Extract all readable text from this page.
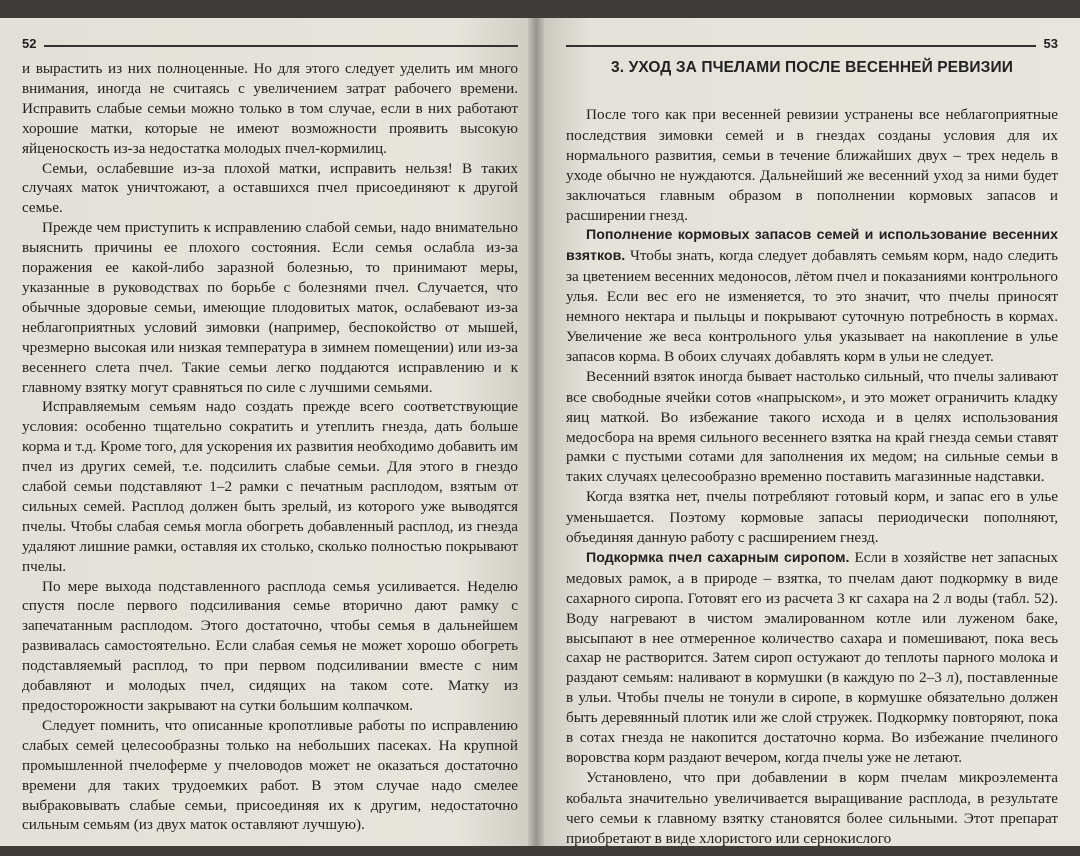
52

и вырастить из них полноценные. Но для этого следует уделить им много внимания, иногда не считаясь с увеличением затрат рабочего времени. Исправить слабые семьи можно только в том случае, если в них работают хорошие матки, которые не имеют возможности проявить высокую яйценоскость из-за недостатка молодых пчел-кормилиц.

Семьи, ослабевшие из-за плохой матки, исправить нельзя! В таких случаях маток уничтожают, а оставшихся пчел присоединяют к другой семье.

Прежде чем приступить к исправлению слабой семьи, надо внимательно выяснить причины ее плохого состояния. Если семья ослабла из-за поражения ее какой-либо заразной болезнью, то принимают меры, указанные в руководствах по борьбе с болезнями пчел. Случается, что обычные здоровые семьи, имеющие плодовитых маток, ослабевают из-за неблагоприятных условий зимовки (например, беспокойство от мышей, чрезмерно высокая или низкая температура в зимнем помещении) или из-за весеннего слета пчел. Такие семьи легко поддаются исправлению и к главному взятку могут сравняться по силе с лучшими семьями.

Исправляемым семьям надо создать прежде всего соответствующие условия: особенно тщательно сократить и утеплить гнезда, дать больше корма и т.д. Кроме того, для ускорения их развития необходимо добавить им пчел из других семей, т.е. подсилить слабые семьи. Для этого в гнездо слабой семьи подставляют 1–2 рамки с печатным расплодом, взятым от сильных семей. Расплод должен быть зрелый, из которого уже выводятся пчелы. Чтобы слабая семья могла обогреть добавленный расплод, из гнезда удаляют лишние рамки, оставляя их столько, сколько полностью покрывают пчелы.

По мере выхода подставленного расплода семья усиливается. Неделю спустя после первого подсиливания семье вторично дают рамку с запечатанным расплодом. Этого достаточно, чтобы семья в дальнейшем развивалась самостоятельно. Если слабая семья не может хорошо обогреть подставляемый расплод, то при первом подсиливании вместе с ним добавляют и молодых пчел, сидящих на таком соте. Матку из предосторожности закрывают на сутки большим колпачком.

Следует помнить, что описанные кропотливые работы по исправлению слабых семей целесообразны только на небольших пасеках. На крупной промышленной пчелоферме у пчеловодов может не оказаться достаточно времени для таких трудоемких работ. В этом случае надо смелее выбраковывать слабые семьи, присоединяя их к другим, недостаточно сильным семьям (из двух маток оставляют лучшую).

53
3. УХОД ЗА ПЧЕЛАМИ ПОСЛЕ ВЕСЕННЕЙ РЕВИЗИИ

После того как при весенней ревизии устранены все неблагоприятные последствия зимовки семей и в гнездах созданы условия для их нормального развития, семьи в течение ближайших двух – трех недель в уходе обычно не нуждаются. Дальнейший же весенний уход за ними будет заключаться главным образом в пополнении кормовых запасов и расширении гнезд.

Пополнение кормовых запасов семей и использование весенних взятков. Чтобы знать, когда следует добавлять семьям корм, надо следить за цветением весенних медоносов, лётом пчел и показаниями контрольного улья. Если вес его не изменяется, то это значит, что пчелы приносят немного нектара и пыльцы и покрывают суточную потребность в кормах. Увеличение же веса контрольного улья указывает на накопление в улье запасов корма. В обоих случаях добавлять корм в ульи не следует.

Весенний взяток иногда бывает настолько сильный, что пчелы заливают все свободные ячейки сотов «напрыском», и это может ограничить кладку яиц маткой. Во избежание такого исхода и в целях использования медосбора на время сильного весеннего взятка на край гнезда семьи ставят рамки с пустыми сотами для заполнения их медом; на сильные семьи в таких случаях целесообразно временно поставить магазинные надставки.

Когда взятка нет, пчелы потребляют готовый корм, и запас его в улье уменьшается. Поэтому кормовые запасы периодически пополняют, объединяя данную работу с расширением гнезд.

Подкормка пчел сахарным сиропом. Если в хозяйстве нет запасных медовых рамок, а в природе – взятка, то пчелам дают подкормку в виде сахарного сиропа. Готовят его из расчета 3 кг сахара на 2 л воды (табл. 52). Воду нагревают в чистом эмалированном котле или луженом баке, высыпают в нее отмеренное количество сахара и помешивают, пока весь сахар не растворится. Затем сироп остужают до теплоты парного молока и раздают семьям: наливают в кормушки (в каждую по 2–3 л), поставленные в ульи. Чтобы пчелы не тонули в сиропе, в кормушке обязательно должен быть деревянный плотик или же слой стружек. Подкормку повторяют, пока в сотах гнезда не накопится достаточно корма. Во избежание пчелиного воровства корм раздают вечером, когда пчелы уже не летают.

Установлено, что при добавлении в корм пчелам микроэлемента кобальта значительно увеличивается выращивание расплода, в результате чего семьи к главному взятку становятся более сильными. Этот препарат приобретают в виде хлористого или сернокислого
